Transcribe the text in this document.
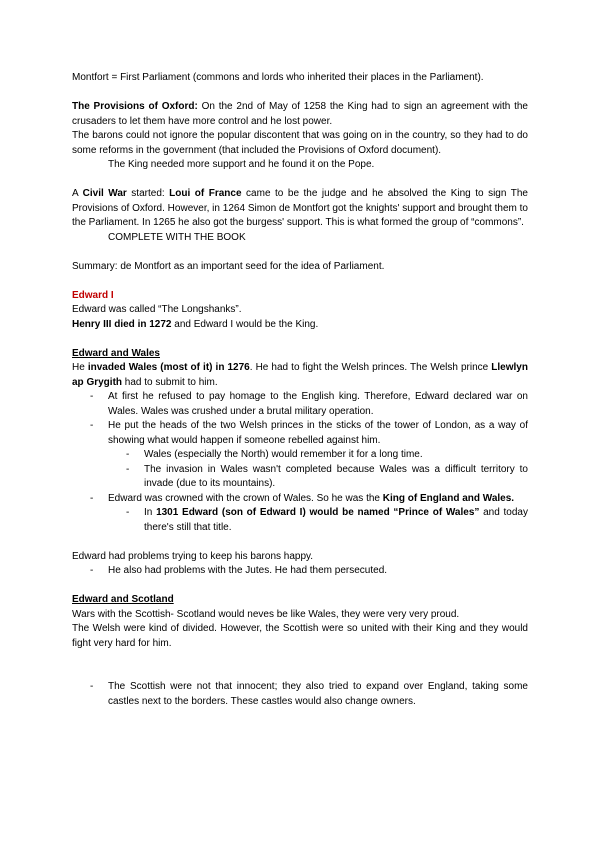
Montfort = First Parliament (commons and lords who inherited their places in the Parliament).

The Provisions of Oxford: On the 2nd of May of 1258 the King had to sign an agreement with the crusaders to let them have more control and he lost power.

The barons could not ignore the popular discontent that was going on in the country, so they had to do some reforms in the government (that included the Provisions of Oxford document).

The King needed more support and he found it on the Pope.

A Civil War started: Loui of France came to be the judge and he absolved the King to sign The Provisions of Oxford. However, in 1264 Simon de Montfort got the knights' support and brought them to the Parliament. In 1265 he also got the burgess' support. This is what formed the group of “commons”.

COMPLETE WITH THE BOOK

Summary: de Montfort as an important seed for the idea of Parliament.

Edward I

Edward was called “The Longshanks”.

Henry III died in 1272 and Edward I would be the King.

Edward and Wales

He invaded Wales (most of it) in 1276. He had to fight the Welsh princes. The Welsh prince Llewlyn ap Grygith had to submit to him.

- At first he refused to pay homage to the English king. Therefore, Edward declared war on Wales. Wales was crushed under a brutal military operation.
- He put the heads of the two Welsh princes in the sticks of the tower of London, as a way of showing what would happen if someone rebelled against him.
- Wales (especially the North) would remember it for a long time.
- The invasion in Wales wasn't completed because Wales was a difficult territory to invade (due to its mountains).
- Edward was crowned with the crown of Wales. So he was the King of England and Wales.
- In 1301 Edward (son of Edward I) would be named “Prince of Wales” and today there's still that title.

Edward had problems trying to keep his barons happy.

- He also had problems with the Jutes. He had them persecuted.

Edward and Scotland

Wars with the Scottish- Scotland would neves be like Wales, they were very very proud.

The Welsh were kind of divided. However, the Scottish were so united with their King and they would fight very hard for him.

- The Scottish were not that innocent; they also tried to expand over England, taking some castles next to the borders. These castles would also change owners.
